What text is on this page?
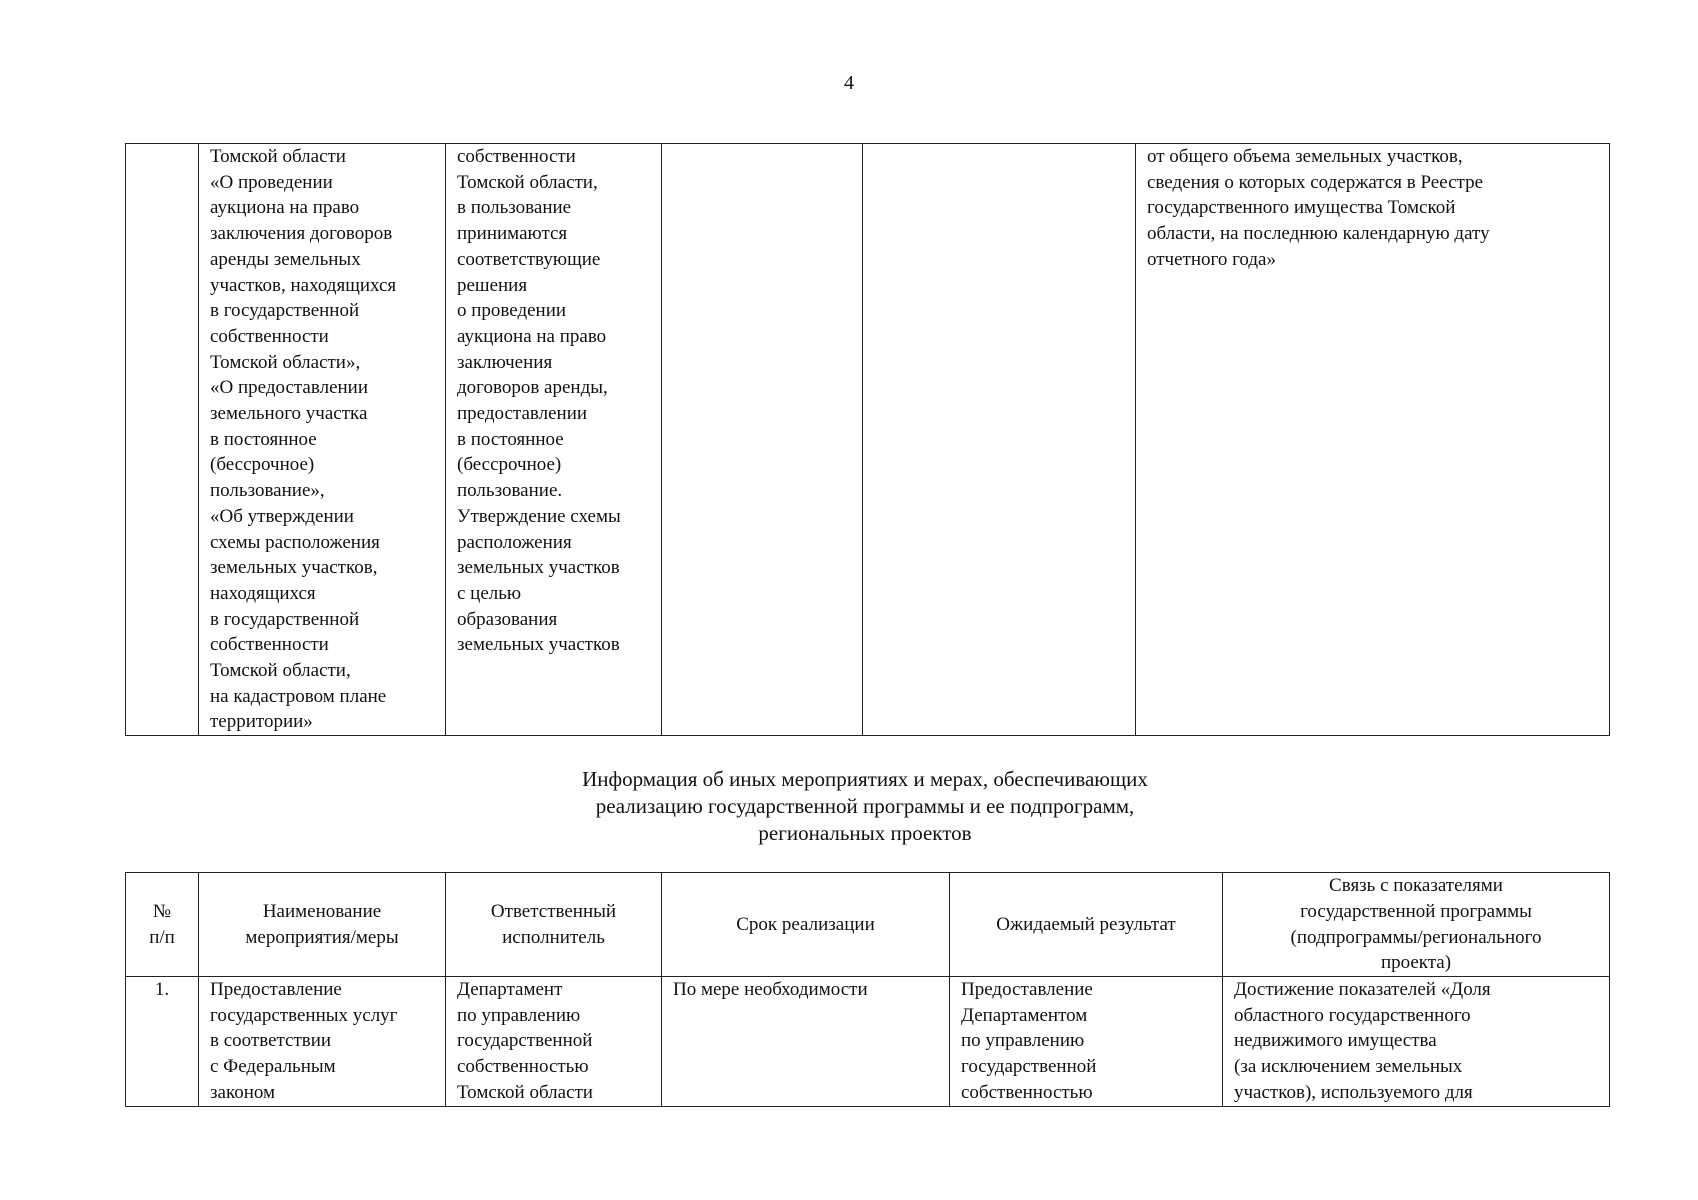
4
	Томской области
«О проведении
аукциона на право
заключения договоров
аренды земельных
участков, находящихся
в государственной
собственности
Томской области»,
«О предоставлении
земельного участка
в постоянное
(бессрочное)
пользование»,
«Об утверждении
схемы расположения
земельных участков,
находящихся
в государственной
собственности
Томской области,
на кадастровом плане
территории»	собственности
Томской области,
в пользование
принимаются
соответствующие
решения
о проведении
аукциона на право
заключения
договоров аренды,
предоставлении
в постоянное
(бессрочное)
пользование.
Утверждение схемы
расположения
земельных участков
с целью
образования
земельных участков			от общего объема земельных участков,
сведения о которых содержатся в Реестре
государственного имущества Томской
области, на последнюю календарную дату
отчетного года»
Информация об иных мероприятиях и мерах, обеспечивающих
реализацию государственной программы и ее подпрограмм,
региональных проектов
№
п/п	Наименование
мероприятия/меры	Ответственный
исполнитель	Срок реализации	Ожидаемый результат	Связь с показателями
государственной программы
(подпрограммы/регионального
проекта)
1.	Предоставление
государственных услуг
в соответствии
с Федеральным
законом	Департамент
по управлению
государственной
собственностью
Томской области	По мере необходимости	Предоставление
Департаментом
по управлению
государственной
собственностью	Достижение показателей «Доля
областного государственного
недвижимого имущества
(за исключением земельных
участков), используемого для
